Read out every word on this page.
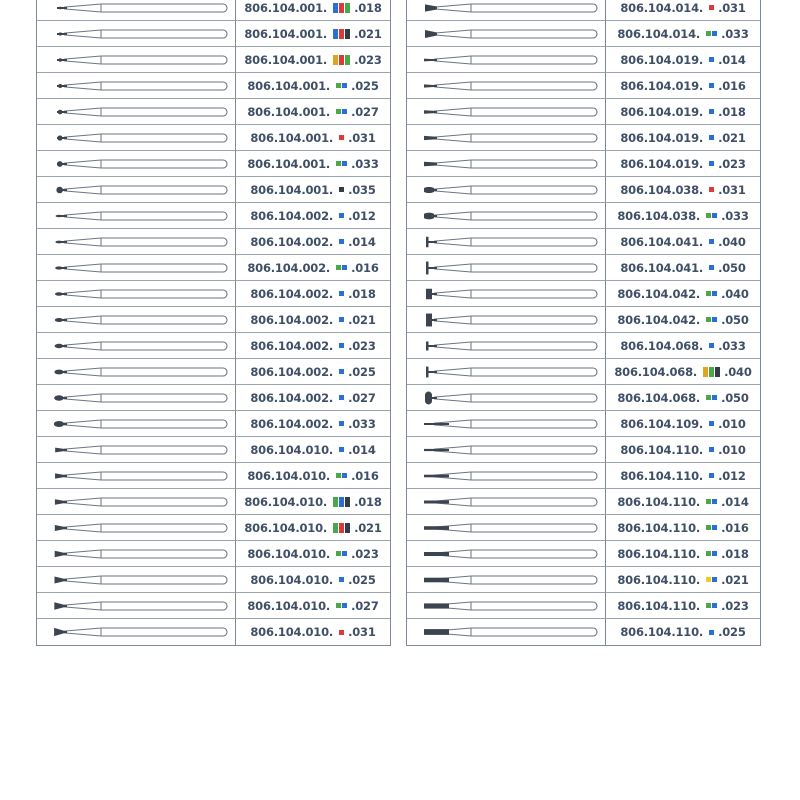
806.104.001. .018
806.104.001. .021
806.104.001. .023
806.104.001. .025
806.104.001. .027
806.104.001. .031
806.104.001. .033
806.104.001. .035
806.104.002. .012
806.104.002. .014
806.104.002. .016
806.104.002. .018
806.104.002. .021
806.104.002. .023
806.104.002. .025
806.104.002. .027
806.104.002. .033
806.104.010. .014
806.104.010. .016
806.104.010. .018
806.104.010. .021
806.104.010. .023
806.104.010. .025
806.104.010. .027
806.104.010. .031
806.104.014. .031
806.104.014. .033
806.104.019. .014
806.104.019. .016
806.104.019. .018
806.104.019. .021
806.104.019. .023
806.104.038. .031
806.104.038. .033
806.104.041. .040
806.104.041. .050
806.104.042. .040
806.104.042. .050
806.104.068. .033
806.104.068. .040
806.104.068. .050
806.104.109. .010
806.104.110. .010
806.104.110. .012
806.104.110. .014
806.104.110. .016
806.104.110. .018
806.104.110. .021
806.104.110. .023
806.104.110. .025
